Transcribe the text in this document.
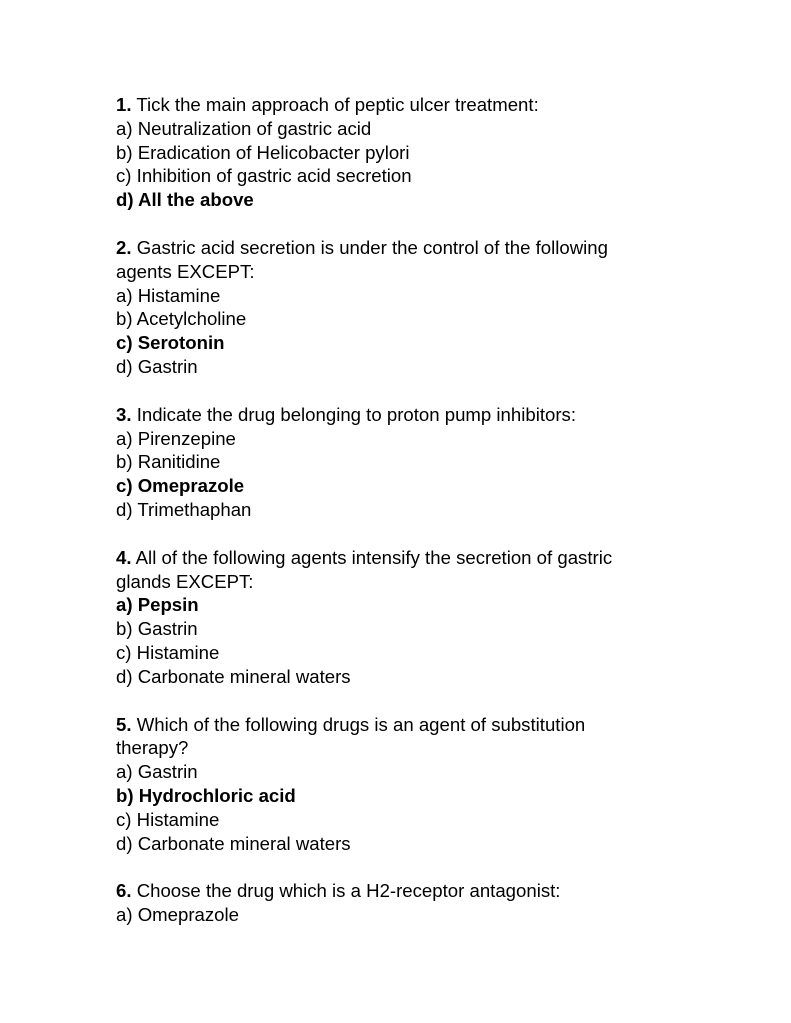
1. Tick the main approach of peptic ulcer treatment:
a) Neutralization of gastric acid
b) Eradication of Helicobacter pylori
c) Inhibition of gastric acid secretion
d) All the above
2. Gastric acid secretion is under the control of the following
agents EXCEPT:
a) Histamine
b) Acetylcholine
c) Serotonin
d) Gastrin
3. Indicate the drug belonging to proton pump inhibitors:
a) Pirenzepine
b) Ranitidine
c) Omeprazole
d) Trimethaphan
4. All of the following agents intensify the secretion of gastric
glands EXCEPT:
a) Pepsin
b) Gastrin
c) Histamine
d) Carbonate mineral waters
5. Which of the following drugs is an agent of substitution
therapy?
a) Gastrin
b) Hydrochloric acid
c) Histamine
d) Carbonate mineral waters
6. Choose the drug which is a H2-receptor antagonist:
a) Omeprazole
